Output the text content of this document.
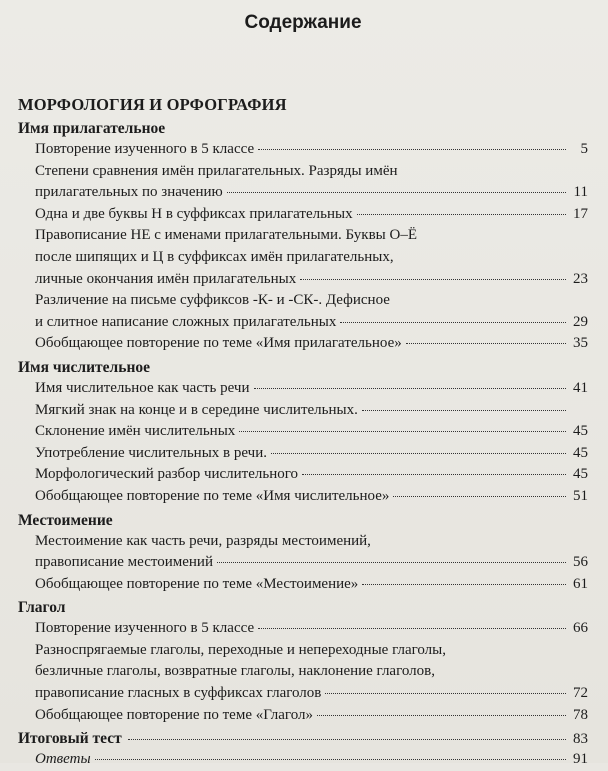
Содержание
МОРФОЛОГИЯ И ОРФОГРАФИЯ
Имя прилагательное
Повторение изученного в 5 классе	5
Степени сравнения имён прилагательных. Разряды имён
прилагательных по значению	11
Одна и две буквы Н в суффиксах прилагательных	17
Правописание НЕ с именами прилагательными. Буквы О–Ё
после шипящих и Ц в суффиксах имён прилагательных,
личные окончания имён прилагательных	23
Различение на письме суффиксов -К- и -СК-. Дефисное
и слитное написание сложных прилагательных	29
Обобщающее повторение по теме «Имя прилагательное»	35
Имя числительное
Имя числительное как часть речи	41
Мягкий знак на конце и в середине числительных.
Склонение имён числительных	45
Употребление числительных в речи.	45
Морфологический разбор числительного	45
Обобщающее повторение по теме «Имя числительное»	51
Местоимение
Местоимение как часть речи, разряды местоимений,
правописание местоимений	56
Обобщающее повторение по теме «Местоимение»	61
Глагол
Повторение изученного в 5 классе	66
Разноспрягаемые глаголы, переходные и непереходные глаголы,
безличные глаголы, возвратные глаголы, наклонение глаголов,
правописание гласных в суффиксах глаголов	72
Обобщающее повторение по теме «Глагол»	78
Итоговый тест	83
Ответы	91
